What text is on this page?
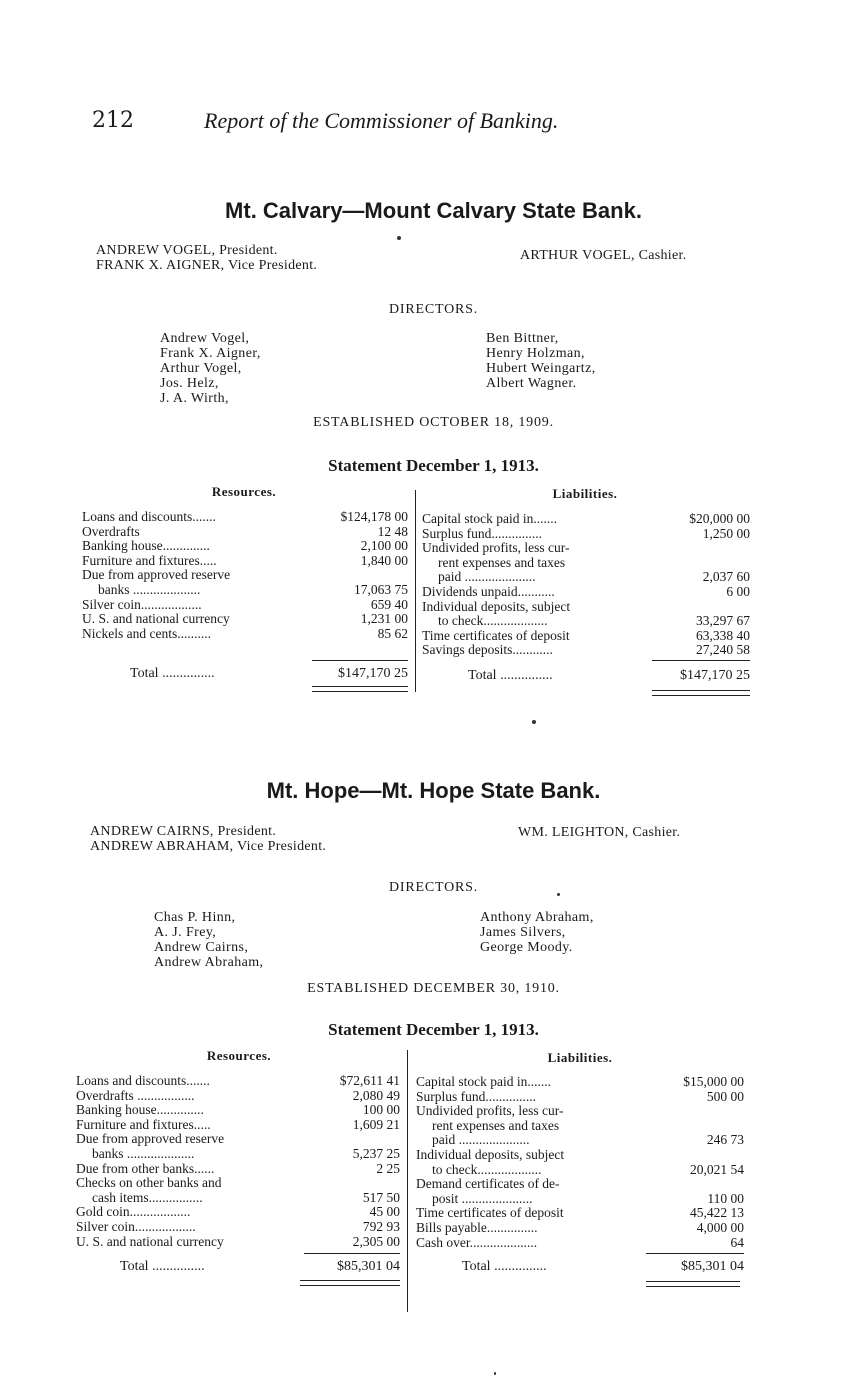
212	Report of the Commissioner of Banking.
Mt. Calvary—Mount Calvary State Bank.
ANDREW VOGEL, President.
FRANK X. AIGNER, Vice President.
ARTHUR VOGEL, Cashier.
DIRECTORS.
Andrew Vogel,
Frank X. Aigner,
Arthur Vogel,
Jos. Helz,
J. A. Wirth,
Ben Bittner,
Henry Holzman,
Hubert Weingartz,
Albert Wagner.
ESTABLISHED OCTOBER 18, 1909.
Statement December 1, 1913.
Resources.	Liabilities.
Loans and discounts.......	$124,178 00
Overdrafts	12 48
Banking house..............	2,100 00
Furniture and fixtures.....	1,840 00
Due from approved reserve
banks ....................	17,063 75
Silver coin..................	659 40
U. S. and national currency	1,231 00
Nickels and cents..........	85 62
Capital stock paid in.......	$20,000 00
Surplus fund...............	1,250 00
Undivided profits, less cur-
rent expenses and taxes
paid .....................	2,037 60
Dividends unpaid...........	6 00
Individual deposits, subject
to check...................	33,297 67
Time certificates of deposit	63,338 40
Savings deposits............	27,240 58
Total ...............	$147,170 25	Total ...............	$147,170 25
Mt. Hope—Mt. Hope State Bank.
ANDREW CAIRNS, President.
ANDREW ABRAHAM, Vice President.
WM. LEIGHTON, Cashier.
DIRECTORS.
Chas P. Hinn,
A. J. Frey,
Andrew Cairns,
Andrew Abraham,
Anthony Abraham,
James Silvers,
George Moody.
ESTABLISHED DECEMBER 30, 1910.
Statement December 1, 1913.
Resources.	Liabilities.
Loans and discounts.......	$72,611 41
Overdrafts .................	2,080 49
Banking house..............	100 00
Furniture and fixtures.....	1,609 21
Due from approved reserve
banks ....................	5,237 25
Due from other banks......	2 25
Checks on other banks and
cash items................	517 50
Gold coin..................	45 00
Silver coin..................	792 93
U. S. and national currency	2,305 00
Capital stock paid in.......	$15,000 00
Surplus fund...............	500 00
Undivided profits, less cur-
rent expenses and taxes
paid .....................	246 73
Individual deposits, subject
to check...................	20,021 54
Demand certificates of de-
posit .....................	110 00
Time certificates of deposit	45,422 13
Bills payable...............	4,000 00
Cash over....................	64
Total ...............	$85,301 04	Total ...............	$85,301 04
